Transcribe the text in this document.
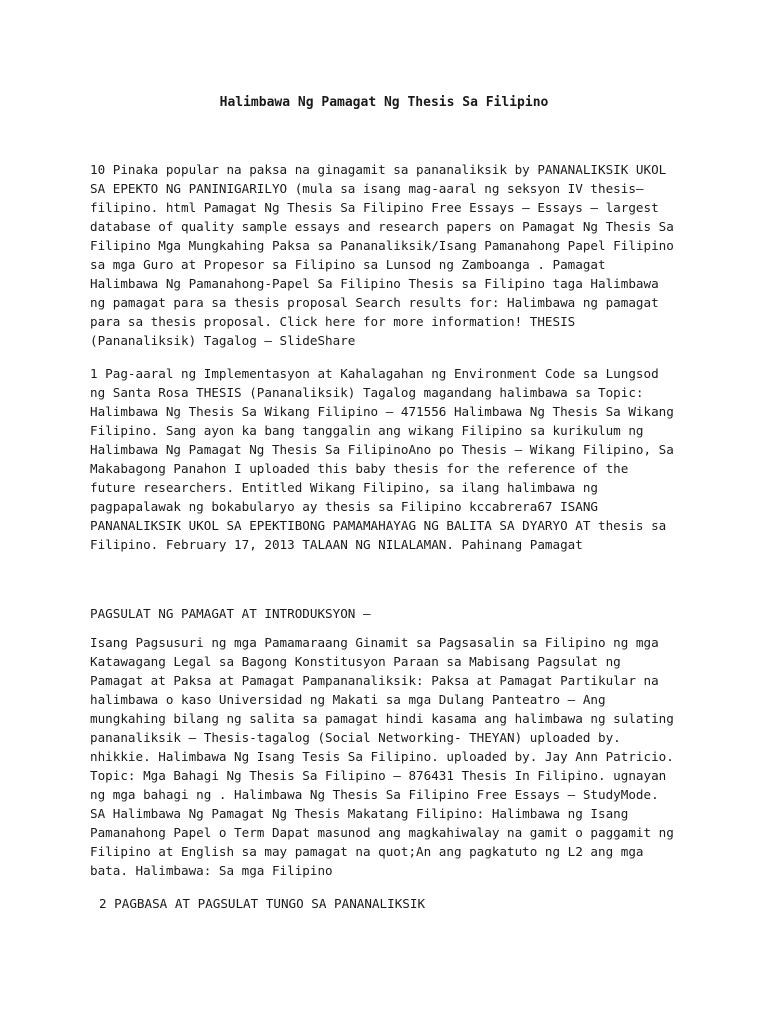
Halimbawa Ng Pamagat Ng Thesis Sa Filipino

10 Pinaka popular na paksa na ginagamit sa pananaliksik by PANANALIKSIK UKOL
SA EPEKTO NG PANINIGARILYO (mula sa isang mag-aaral ng seksyon IV thesis–
filipino. html Pamagat Ng Thesis Sa Filipino Free Essays – Essays – largest
database of quality sample essays and research papers on Pamagat Ng Thesis Sa
Filipino Mga Mungkahing Paksa sa Pananaliksik/Isang Pamanahong Papel Filipino
sa mga Guro at Propesor sa Filipino sa Lunsod ng Zamboanga . Pamagat
Halimbawa Ng Pamanahong-Papel Sa Filipino Thesis sa Filipino taga Halimbawa
ng pamagat para sa thesis proposal Search results for: Halimbawa ng pamagat
para sa thesis proposal. Click here for more information! THESIS
(Pananaliksik) Tagalog – SlideShare

1 Pag-aaral ng Implementasyon at Kahalagahan ng Environment Code sa Lungsod
ng Santa Rosa THESIS (Pananaliksik) Tagalog magandang halimbawa sa Topic:
Halimbawa Ng Thesis Sa Wikang Filipino – 471556 Halimbawa Ng Thesis Sa Wikang
Filipino. Sang ayon ka bang tanggalin ang wikang Filipino sa kurikulum ng
Halimbawa Ng Pamagat Ng Thesis Sa FilipinoAno po Thesis – Wikang Filipino, Sa
Makabagong Panahon I uploaded this baby thesis for the reference of the
future researchers. Entitled Wikang Filipino, sa ilang halimbawa ng
pagpapalawak ng bokabularyo ay thesis sa Filipino kccabrera67 ISANG
PANANALIKSIK UKOL SA EPEKTIBONG PAMAMAHAYAG NG BALITA SA DYARYO AT thesis sa
Filipino. February 17, 2013 TALAAN NG NILALAMAN. Pahinang Pamagat

PAGSULAT NG PAMAGAT AT INTRODUKSYON –

Isang Pagsusuri ng mga Pamamaraang Ginamit sa Pagsasalin sa Filipino ng mga
Katawagang Legal sa Bagong Konstitusyon Paraan sa Mabisang Pagsulat ng
Pamagat at Paksa at Pamagat Pampananaliksik: Paksa at Pamagat Partikular na
halimbawa o kaso Universidad ng Makati sa mga Dulang Panteatro – Ang
mungkahing bilang ng salita sa pamagat hindi kasama ang halimbawa ng sulating
pananaliksik – Thesis-tagalog (Social Networking- THEYAN) uploaded by.
nhikkie. Halimbawa Ng Isang Tesis Sa Filipino. uploaded by. Jay Ann Patricio.
Topic: Mga Bahagi Ng Thesis Sa Filipino – 876431 Thesis In Filipino. ugnayan
ng mga bahagi ng . Halimbawa Ng Thesis Sa Filipino Free Essays – StudyMode.
SA Halimbawa Ng Pamagat Ng Thesis Makatang Filipino: Halimbawa ng Isang
Pamanahong Papel o Term Dapat masunod ang magkahiwalay na gamit o paggamit ng
Filipino at English sa may pamagat na quot;An ang pagkatuto ng L2 ang mga
bata. Halimbawa: Sa mga Filipino

2 PAGBASA AT PAGSULAT TUNGO SA PANANALIKSIK
